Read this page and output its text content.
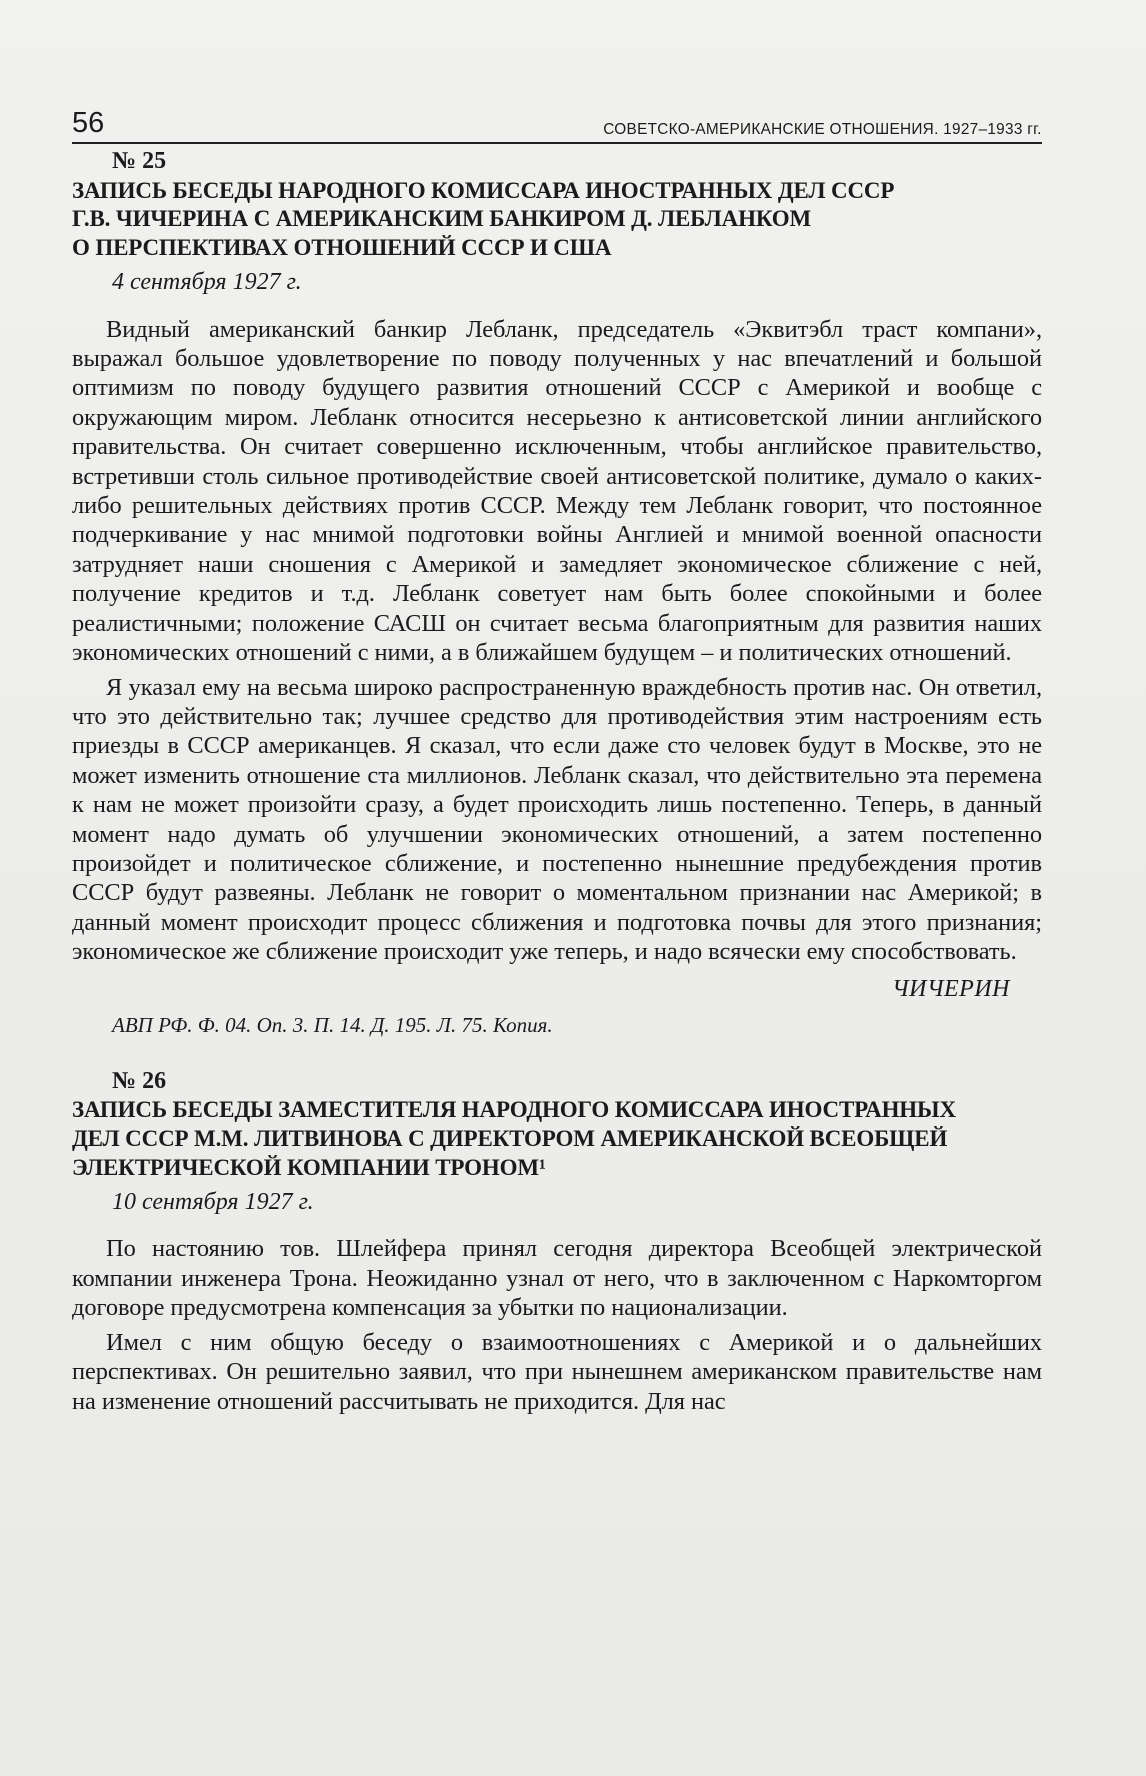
56	СОВЕТСКО-АМЕРИКАНСКИЕ ОТНОШЕНИЯ. 1927–1933 гг.
№ 25
ЗАПИСЬ БЕСЕДЫ НАРОДНОГО КОМИССАРА ИНОСТРАННЫХ ДЕЛ СССР
Г.В. ЧИЧЕРИНА С АМЕРИКАНСКИМ БАНКИРОМ Д. ЛЕБЛАНКОМ
О ПЕРСПЕКТИВАХ ОТНОШЕНИЙ СССР И США
4 сентября 1927 г.

Видный американский банкир Лебланк, председатель «Эквитэбл траст компани», выражал большое удовлетворение по поводу полученных у нас впечатлений и большой оптимизм по поводу будущего развития отношений СССР с Америкой и вообще с окружающим миром. Лебланк относится несерьезно к антисоветской линии английского правительства. Он считает совершенно исключенным, чтобы английское правительство, встретивши столь сильное противодействие своей антисоветской политике, думало о каких-либо решительных действиях против СССР. Между тем Лебланк говорит, что постоянное подчеркивание у нас мнимой подготовки войны Англией и мнимой военной опасности затрудняет наши сношения с Америкой и замедляет экономическое сближение с ней, получение кредитов и т.д. Лебланк советует нам быть более спокойными и более реалистичными; положение САСШ он считает весьма благоприятным для развития наших экономических отношений с ними, а в ближайшем будущем – и политических отношений.

Я указал ему на весьма широко распространенную враждебность против нас. Он ответил, что это действительно так; лучшее средство для противодействия этим настроениям есть приезды в СССР американцев. Я сказал, что если даже сто человек будут в Москве, это не может изменить отношение ста миллионов. Лебланк сказал, что действительно эта перемена к нам не может произойти сразу, а будет происходить лишь постепенно. Теперь, в данный момент надо думать об улучшении экономических отношений, а затем постепенно произойдет и политическое сближение, и постепенно нынешние предубеждения против СССР будут развеяны. Лебланк не говорит о моментальном признании нас Америкой; в данный момент происходит процесс сближения и подготовка почвы для этого признания; экономическое же сближение происходит уже теперь, и надо всячески ему способствовать.

ЧИЧЕРИН
АВП РФ. Ф. 04. Оп. 3. П. 14. Д. 195. Л. 75. Копия.
№ 26
ЗАПИСЬ БЕСЕДЫ ЗАМЕСТИТЕЛЯ НАРОДНОГО КОМИССАРА ИНОСТРАННЫХ
ДЕЛ СССР М.М. ЛИТВИНОВА С ДИРЕКТОРОМ АМЕРИКАНСКОЙ ВСЕОБЩЕЙ
ЭЛЕКТРИЧЕСКОЙ КОМПАНИИ ТРОНОМ¹
10 сентября 1927 г.

По настоянию тов. Шлейфера принял сегодня директора Всеобщей электрической компании инженера Трона. Неожиданно узнал от него, что в заключенном с Наркомторгом договоре предусмотрена компенсация за убытки по национализации.

Имел с ним общую беседу о взаимоотношениях с Америкой и о дальнейших перспективах. Он решительно заявил, что при нынешнем американском правительстве нам на изменение отношений рассчитывать не приходится. Для нас
